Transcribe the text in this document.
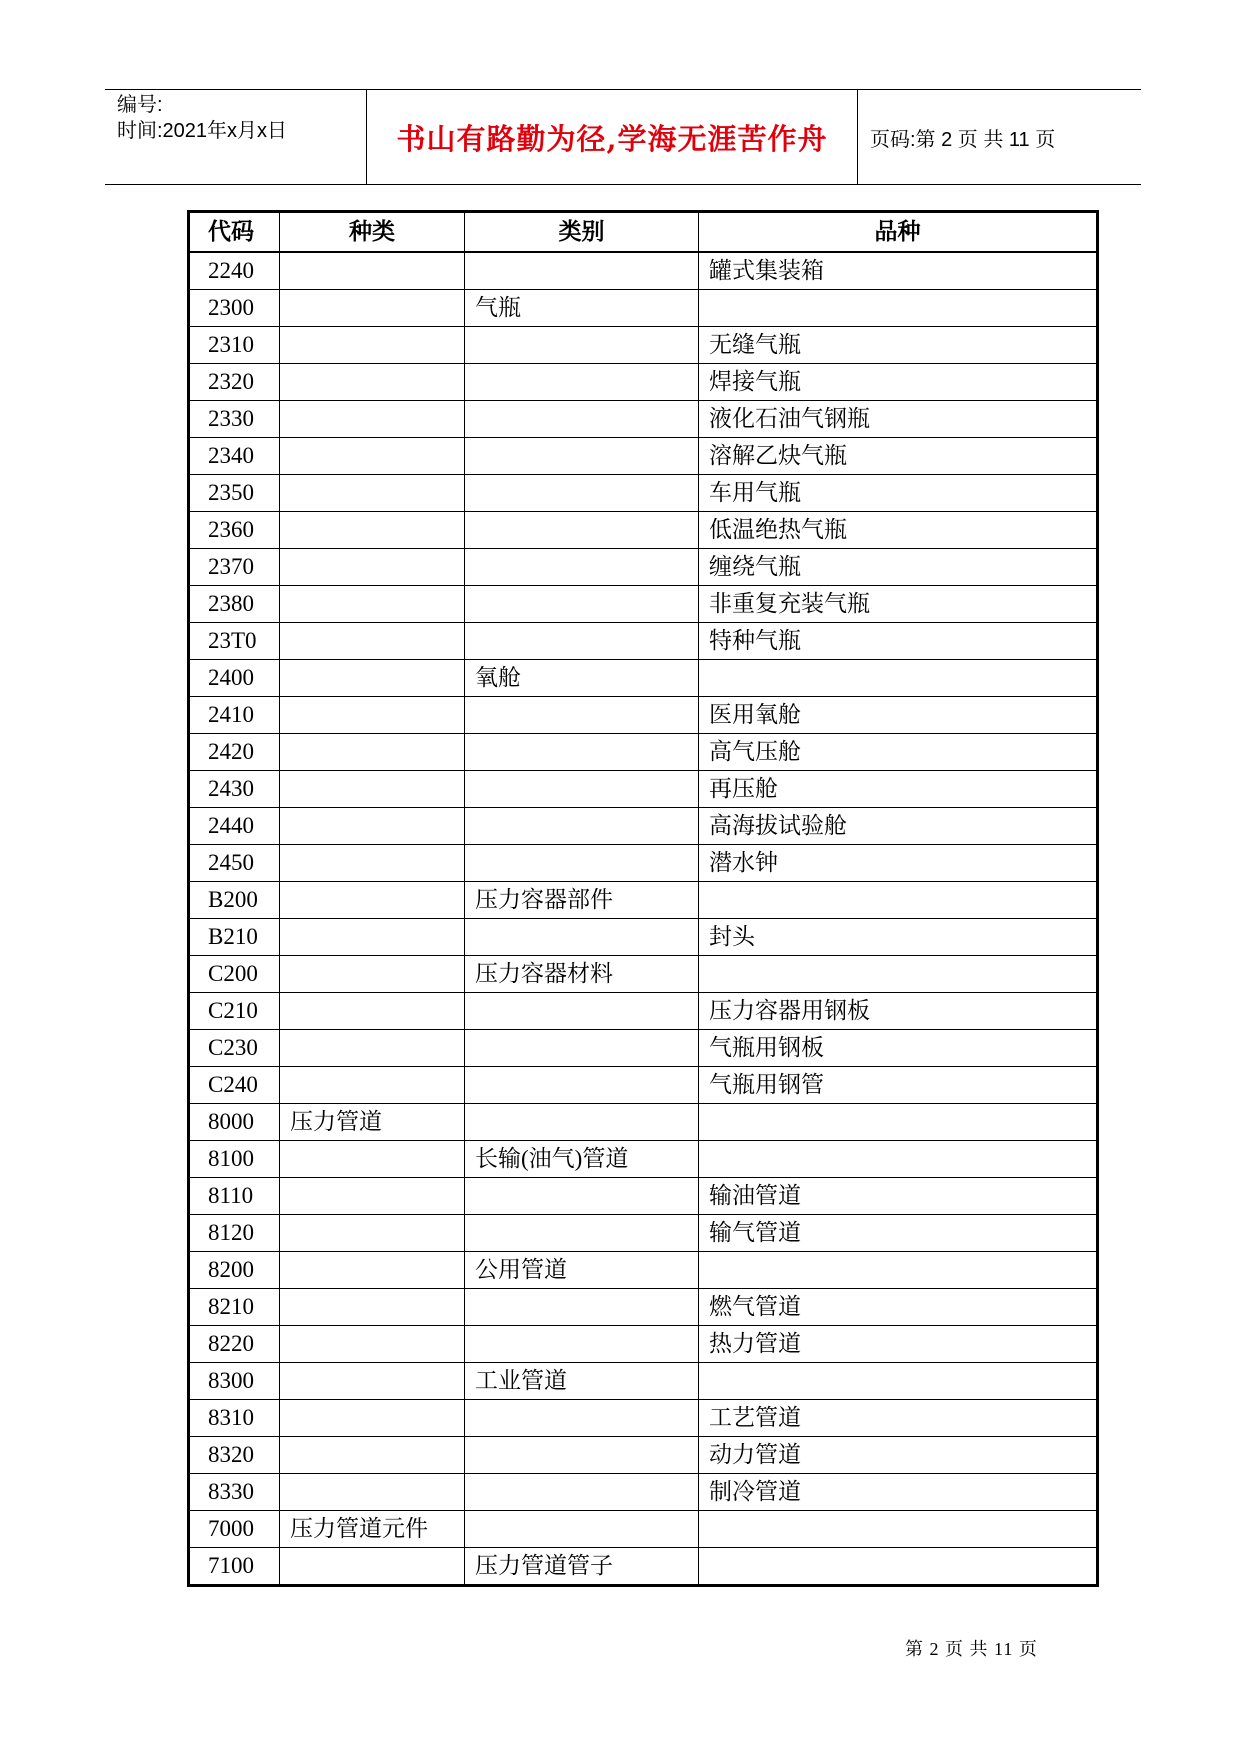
编号:
时间:2021年x月x日	书山有路勤为径,学海无涯苦作舟	页码:第 2 页 共 11 页
代码	种类	类别	品种
2240			罐式集装箱
2300		气瓶	
2310			无缝气瓶
2320			焊接气瓶
2330			液化石油气钢瓶
2340			溶解乙炔气瓶
2350			车用气瓶
2360			低温绝热气瓶
2370			缠绕气瓶
2380			非重复充装气瓶
23T0			特种气瓶
2400		氧舱	
2410			医用氧舱
2420			高气压舱
2430			再压舱
2440			高海拔试验舱
2450			潜水钟
B200		压力容器部件	
B210			封头
C200		压力容器材料	
C210			压力容器用钢板
C230			气瓶用钢板
C240			气瓶用钢管
8000	压力管道		
8100		长输(油气)管道	
8110			输油管道
8120			输气管道
8200		公用管道	
8210			燃气管道
8220			热力管道
8300		工业管道	
8310			工艺管道
8320			动力管道
8330			制冷管道
7000	压力管道元件		
7100		压力管道管子	
第 2 页 共 11 页
